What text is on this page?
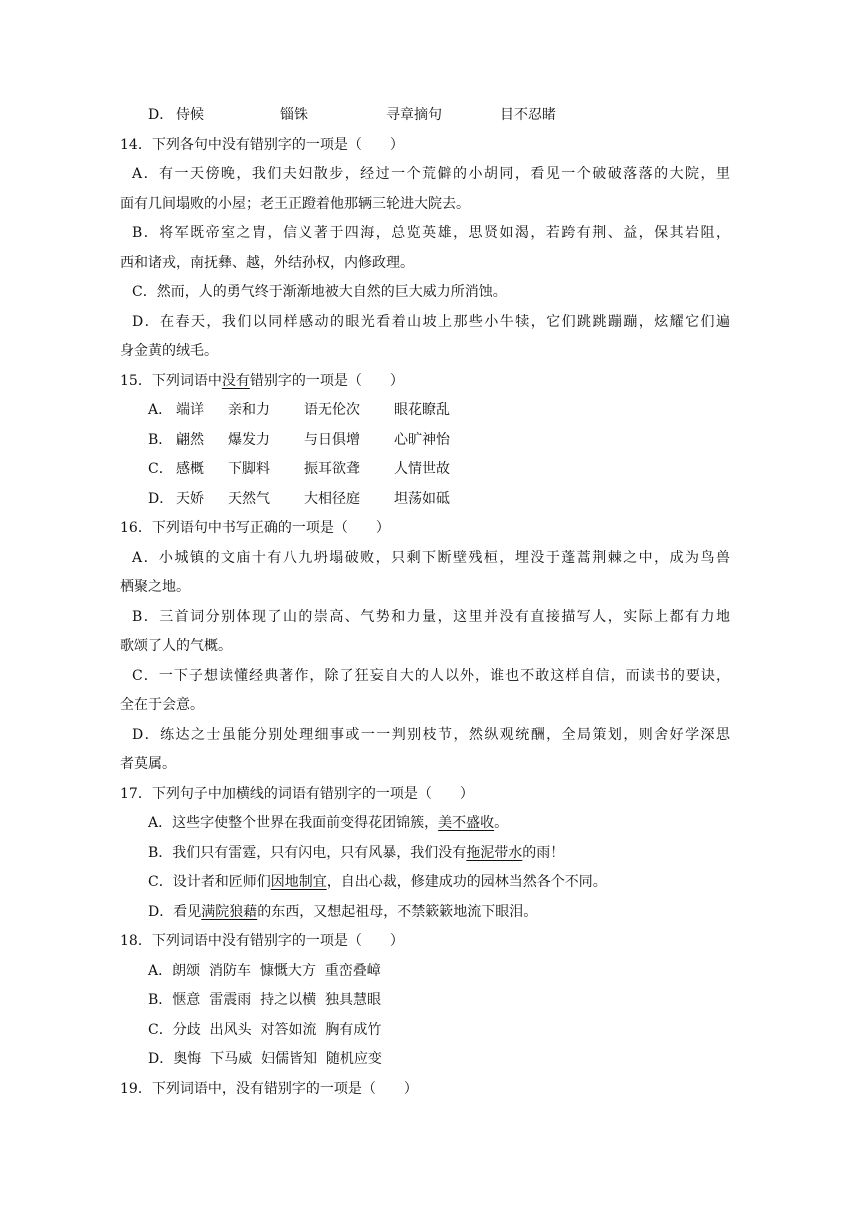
D． 侍候	锱铢	寻章摘句	目不忍睹
14．下列各句中没有错别字的一项是（　　）
A．有一天傍晚，我们夫妇散步，经过一个荒僻的小胡同，看见一个破破落落的大院，里
面有几间塌败的小屋；老王正蹬着他那辆三轮进大院去。
B．将军既帝室之胄，信义著于四海，总览英雄，思贤如渴，若跨有荆、益，保其岩阻，
西和诸戎，南抚彝、越，外结孙权，内修政理。
C．然而，人的勇气终于渐渐地被大自然的巨大威力所消蚀。
D．在春天，我们以同样感动的眼光看着山坡上那些小牛犊，它们跳跳蹦蹦，炫耀它们遍
身金黄的绒毛。
15．下列词语中没有错别字的一项是（　　）
A． 端详 亲和力 语无伦次 眼花瞭乱
B． 翩然 爆发力 与日俱增 心旷神怡
C． 感概 下脚料 振耳欲聋 人情世故
D． 天娇 天然气 大相径庭 坦荡如砥
16．下列语句中书写正确的一项是（　　）
A．小城镇的文庙十有八九坍塌破败，只剩下断壁残桓，埋没于蓬蒿荆棘之中，成为鸟兽
栖聚之地。
B．三首词分别体现了山的崇高、气势和力量，这里并没有直接描写人，实际上都有力地
歌颂了人的气概。
C．一下子想读懂经典著作，除了狂妄自大的人以外，谁也不敢这样自信，而读书的要诀，
全在于会意。
D．练达之士虽能分别处理细事或一一判别枝节，然纵观统酬，全局策划，则舍好学深思
者莫属。
17．下列句子中加横线的词语有错别字的一项是（　　）
A．这些字使整个世界在我面前变得花团锦簇，美不盛收。
B．我们只有雷霆，只有闪电，只有风暴，我们没有拖泥带水的雨！
C．设计者和匠师们因地制宜，自出心裁，修建成功的园林当然各个不同。
D．看见满院狼藉的东西，又想起祖母，不禁簌簌地流下眼泪。
18．下列词语中没有错别字的一项是（　　）
A．朗颂  消防车  慷慨大方  重峦叠嶂
B．惬意  雷震雨  持之以横  独具慧眼
C．分歧  出风头  对答如流  胸有成竹
D．奥悔  下马威  妇儒皆知  随机应变
19．下列词语中，没有错别字的一项是（　　）
